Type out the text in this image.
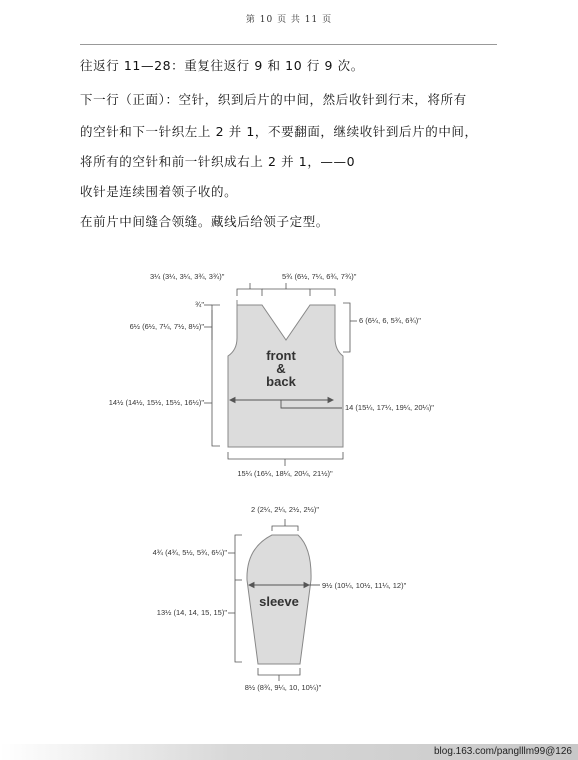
第 10 页 共 11 页
往返行 11—28：重复往返行 9 和 10 行 9 次。
下一行（正面）：空针，织到后片的中间，然后收针到行末，将所有
的空针和下一针织左上 2 并 1，不要翻面，继续收针到后片的中间，
将所有的空针和前一针织成右上 2 并 1，——0
收针是连续围着领子收的。
在前片中间缝合领缝。藏线后给领子定型。
front
&
back
3¼ (3¼, 3¼, 3¾, 3¾)"	5¾ (6½, 7¼, 6¾, 7¾)"
¾"
6½ (6½, 7¼, 7½, 8½)"
14½ (14½, 15½, 15½, 16½)"
6 (6¼, 6, 5¾, 6¾)"
14 (15¼, 17¼, 19¼, 20¼)"
15¼ (16¼, 18¼, 20¼, 21½)"
sleeve
2 (2¼, 2¼, 2½, 2½)"
4¾ (4¾, 5½, 5¾, 6¼)"
13½ (14, 14, 15, 15)"
9½ (10¼, 10½, 11¼, 12)"
8½ (8¾, 9¼, 10, 10¼)"
blog.163.com/panglllm99@126
